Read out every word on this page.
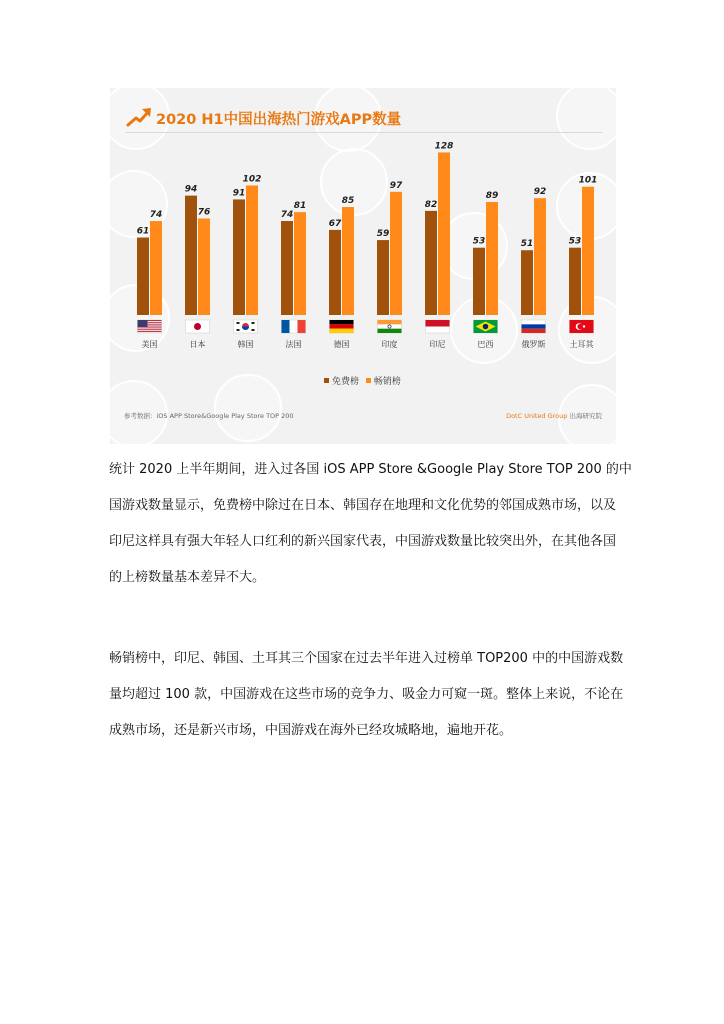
2020 H1中国出海热门游戏APP数量
61
74
美国
94
76
日本
91
102
韩国
74
81
法国
67
85
德国
59
97
印度
82
128
印尼
53
89
巴西
51
92
俄罗斯
53
101
土耳其
免费榜
畅销榜
参考数据：iOS APP Store&Google Play Store TOP 200	DotC United Group 出海研究院
统计 2020 上半年期间，进入过各国 iOS APP Store &Google Play Store TOP 200 的中
国游戏数量显示，免费榜中除过在日本、韩国存在地理和文化优势的邻国成熟市场，以及
印尼这样具有强大年轻人口红利的新兴国家代表，中国游戏数量比较突出外，在其他各国
的上榜数量基本差异不大。
畅销榜中，印尼、韩国、土耳其三个国家在过去半年进入过榜单 TOP200 中的中国游戏数
量均超过 100 款，中国游戏在这些市场的竞争力、吸金力可窥一斑。整体上来说，不论在
成熟市场，还是新兴市场，中国游戏在海外已经攻城略地，遍地开花。
